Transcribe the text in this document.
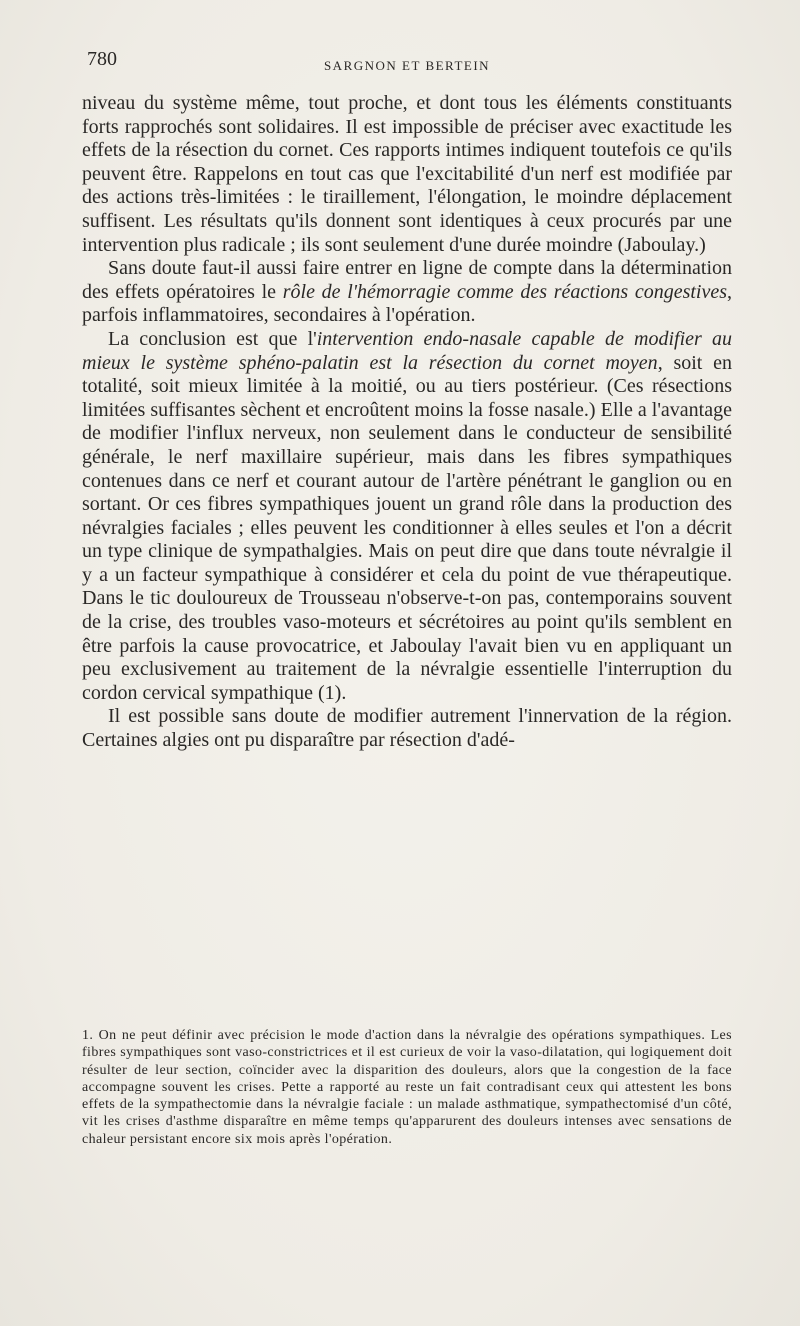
780	SARGNON ET BERTEIN

niveau du système même, tout proche, et dont tous les éléments constituants forts rapprochés sont solidaires. Il est impossible de préciser avec exactitude les effets de la résection du cornet. Ces rapports intimes indiquent toutefois ce qu'ils peuvent être. Rappelons en tout cas que l'excitabilité d'un nerf est modifiée par des actions très-limitées : le tiraillement, l'élongation, le moindre déplacement suffisent. Les résultats qu'ils donnent sont identiques à ceux procurés par une intervention plus radicale ; ils sont seulement d'une durée moindre (Jaboulay.)

Sans doute faut-il aussi faire entrer en ligne de compte dans la détermination des effets opératoires le rôle de l'hémorragie comme des réactions congestives, parfois inflammatoires, secondaires à l'opération.

La conclusion est que l'intervention endo-nasale capable de modifier au mieux le système sphéno-palatin est la résection du cornet moyen, soit en totalité, soit mieux limitée à la moitié, ou au tiers postérieur. (Ces résections limitées suffisantes sèchent et encroûtent moins la fosse nasale.) Elle a l'avantage de modifier l'influx nerveux, non seulement dans le conducteur de sensibilité générale, le nerf maxillaire supérieur, mais dans les fibres sympathiques contenues dans ce nerf et courant autour de l'artère pénétrant le ganglion ou en sortant. Or ces fibres sympathiques jouent un grand rôle dans la production des névralgies faciales ; elles peuvent les conditionner à elles seules et l'on a décrit un type clinique de sympathalgies. Mais on peut dire que dans toute névralgie il y a un facteur sympathique à considérer et cela du point de vue thérapeutique. Dans le tic douloureux de Trousseau n'observe-t-on pas, contemporains souvent de la crise, des troubles vaso-moteurs et sécrétoires au point qu'ils semblent en être parfois la cause provocatrice, et Jaboulay l'avait bien vu en appliquant un peu exclusivement au traitement de la névralgie essentielle l'interruption du cordon cervical sympathique (1).

Il est possible sans doute de modifier autrement l'innervation de la région. Certaines algies ont pu disparaître par résection d'adé-

1. On ne peut définir avec précision le mode d'action dans la névralgie des opérations sympathiques. Les fibres sympathiques sont vaso-constrictrices et il est curieux de voir la vaso-dilatation, qui logiquement doit résulter de leur section, coïncider avec la disparition des douleurs, alors que la congestion de la face accompagne souvent les crises. Pette a rapporté au reste un fait contradisant ceux qui attestent les bons effets de la sympathectomie dans la névralgie faciale : un malade asthmatique, sympathectomisé d'un côté, vit les crises d'asthme disparaître en même temps qu'apparurent des douleurs intenses avec sensations de chaleur persistant encore six mois après l'opération.
